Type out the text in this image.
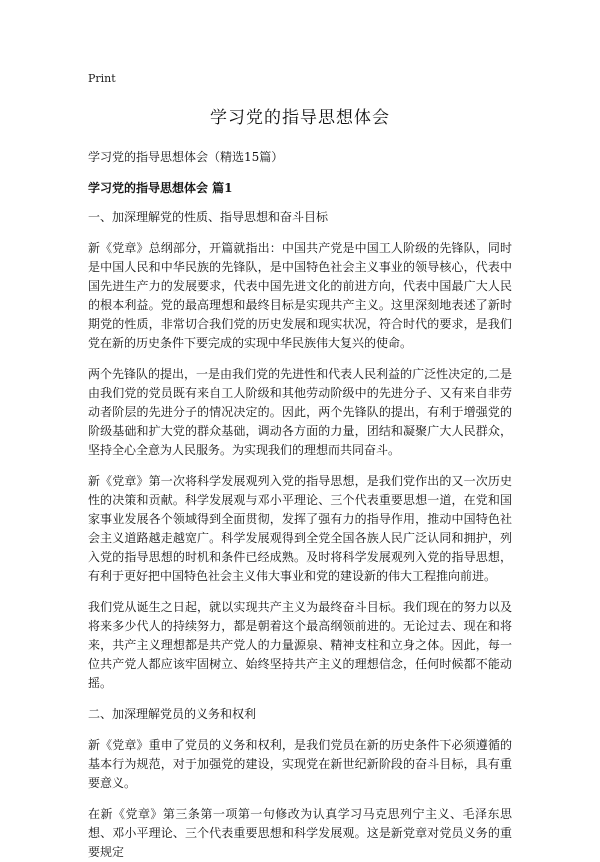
Print
学习党的指导思想体会
学习党的指导思想体会（精选15篇）
学习党的指导思想体会 篇1
一、加深理解党的性质、指导思想和奋斗目标

新《党章》总纲部分，开篇就指出：中国共产党是中国工人阶级的先锋队，同时是中国人民和中华民族的先锋队，是中国特色社会主义事业的领导核心，代表中国先进生产力的发展要求，代表中国先进文化的前进方向，代表中国最广大人民的根本利益。党的最高理想和最终目标是实现共产主义。这里深刻地表述了新时期党的性质，非常切合我们党的历史发展和现实状况，符合时代的要求，是我们党在新的历史条件下要完成的实现中华民族伟大复兴的使命。

两个先锋队的提出，一是由我们党的先进性和代表人民利益的广泛性决定的,二是由我们党的党员既有来自工人阶级和其他劳动阶级中的先进分子、又有来自非劳动者阶层的先进分子的情况决定的。因此，两个先锋队的提出，有利于增强党的阶级基础和扩大党的群众基础，调动各方面的力量，团结和凝聚广大人民群众，坚持全心全意为人民服务。为实现我们的理想而共同奋斗。

新《党章》第一次将科学发展观列入党的指导思想，是我们党作出的又一次历史性的决策和贡献。科学发展观与邓小平理论、三个代表重要思想一道，在党和国家事业发展各个领域得到全面贯彻，发挥了强有力的指导作用，推动中国特色社会主义道路越走越宽广。科学发展观得到全党全国各族人民广泛认同和拥护，列入党的指导思想的时机和条件已经成熟。及时将科学发展观列入党的指导思想，有利于更好把中国特色社会主义伟大事业和党的建设新的伟大工程推向前进。

我们党从诞生之日起，就以实现共产主义为最终奋斗目标。我们现在的努力以及将来多少代人的持续努力，都是朝着这个最高纲领前进的。无论过去、现在和将来，共产主义理想都是共产党人的力量源泉、精神支柱和立身之体。因此，每一位共产党人都应该牢固树立、始终坚持共产主义的理想信念，任何时候都不能动摇。

二、加深理解党员的义务和权利

新《党章》重申了党员的义务和权利，是我们党员在新的历史条件下必须遵循的基本行为规范，对于加强党的建设，实现党在新世纪新阶段的奋斗目标，具有重要意义。

在新《党章》第三条第一项第一句修改为认真学习马克思列宁主义、毛泽东思想、邓小平理论、三个代表重要思想和科学发展观。这是新党章对党员义务的重要规定
